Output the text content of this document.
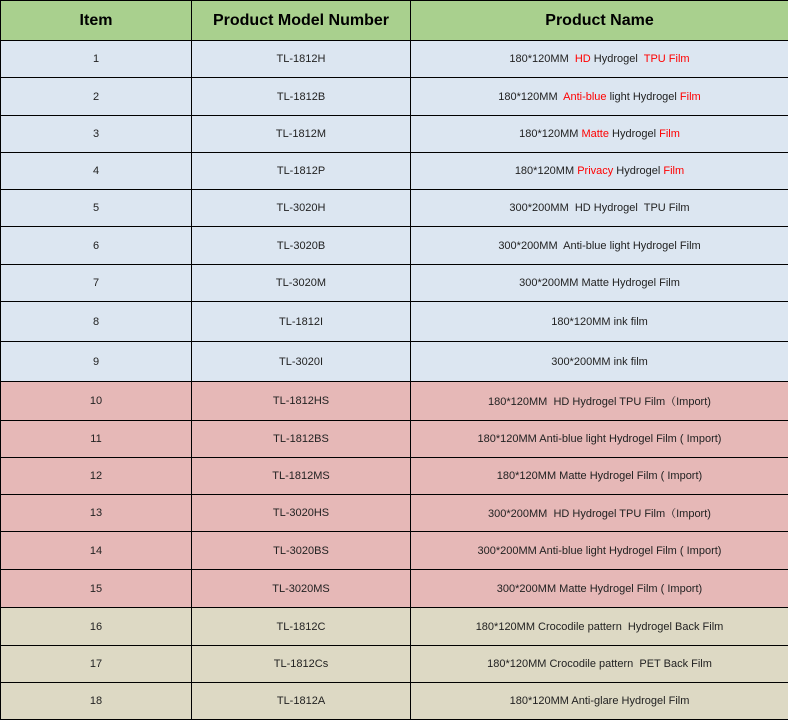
Item	Product Model Number	Product Name
1	TL-1812H	180*120MM  HD Hydrogel  TPU Film
2	TL-1812B	180*120MM  Anti-blue light Hydrogel Film
3	TL-1812M	180*120MM Matte Hydrogel Film
4	TL-1812P	180*120MM Privacy Hydrogel Film
5	TL-3020H	300*200MM  HD Hydrogel  TPU Film
6	TL-3020B	300*200MM  Anti-blue light Hydrogel Film
7	TL-3020M	300*200MM Matte Hydrogel Film
8	TL-1812I	180*120MM ink film
9	TL-3020I	300*200MM ink film
10	TL-1812HS	180*120MM  HD Hydrogel TPU Film（Import)
11	TL-1812BS	180*120MM Anti-blue light Hydrogel Film ( Import)
12	TL-1812MS	180*120MM Matte Hydrogel Film ( Import)
13	TL-3020HS	300*200MM  HD Hydrogel TPU Film（Import)
14	TL-3020BS	300*200MM Anti-blue light Hydrogel Film ( Import)
15	TL-3020MS	300*200MM Matte Hydrogel Film ( Import)
16	TL-1812C	180*120MM Crocodile pattern  Hydrogel Back Film
17	TL-1812Cs	180*120MM Crocodile pattern  PET Back Film
18	TL-1812A	180*120MM Anti-glare Hydrogel Film
